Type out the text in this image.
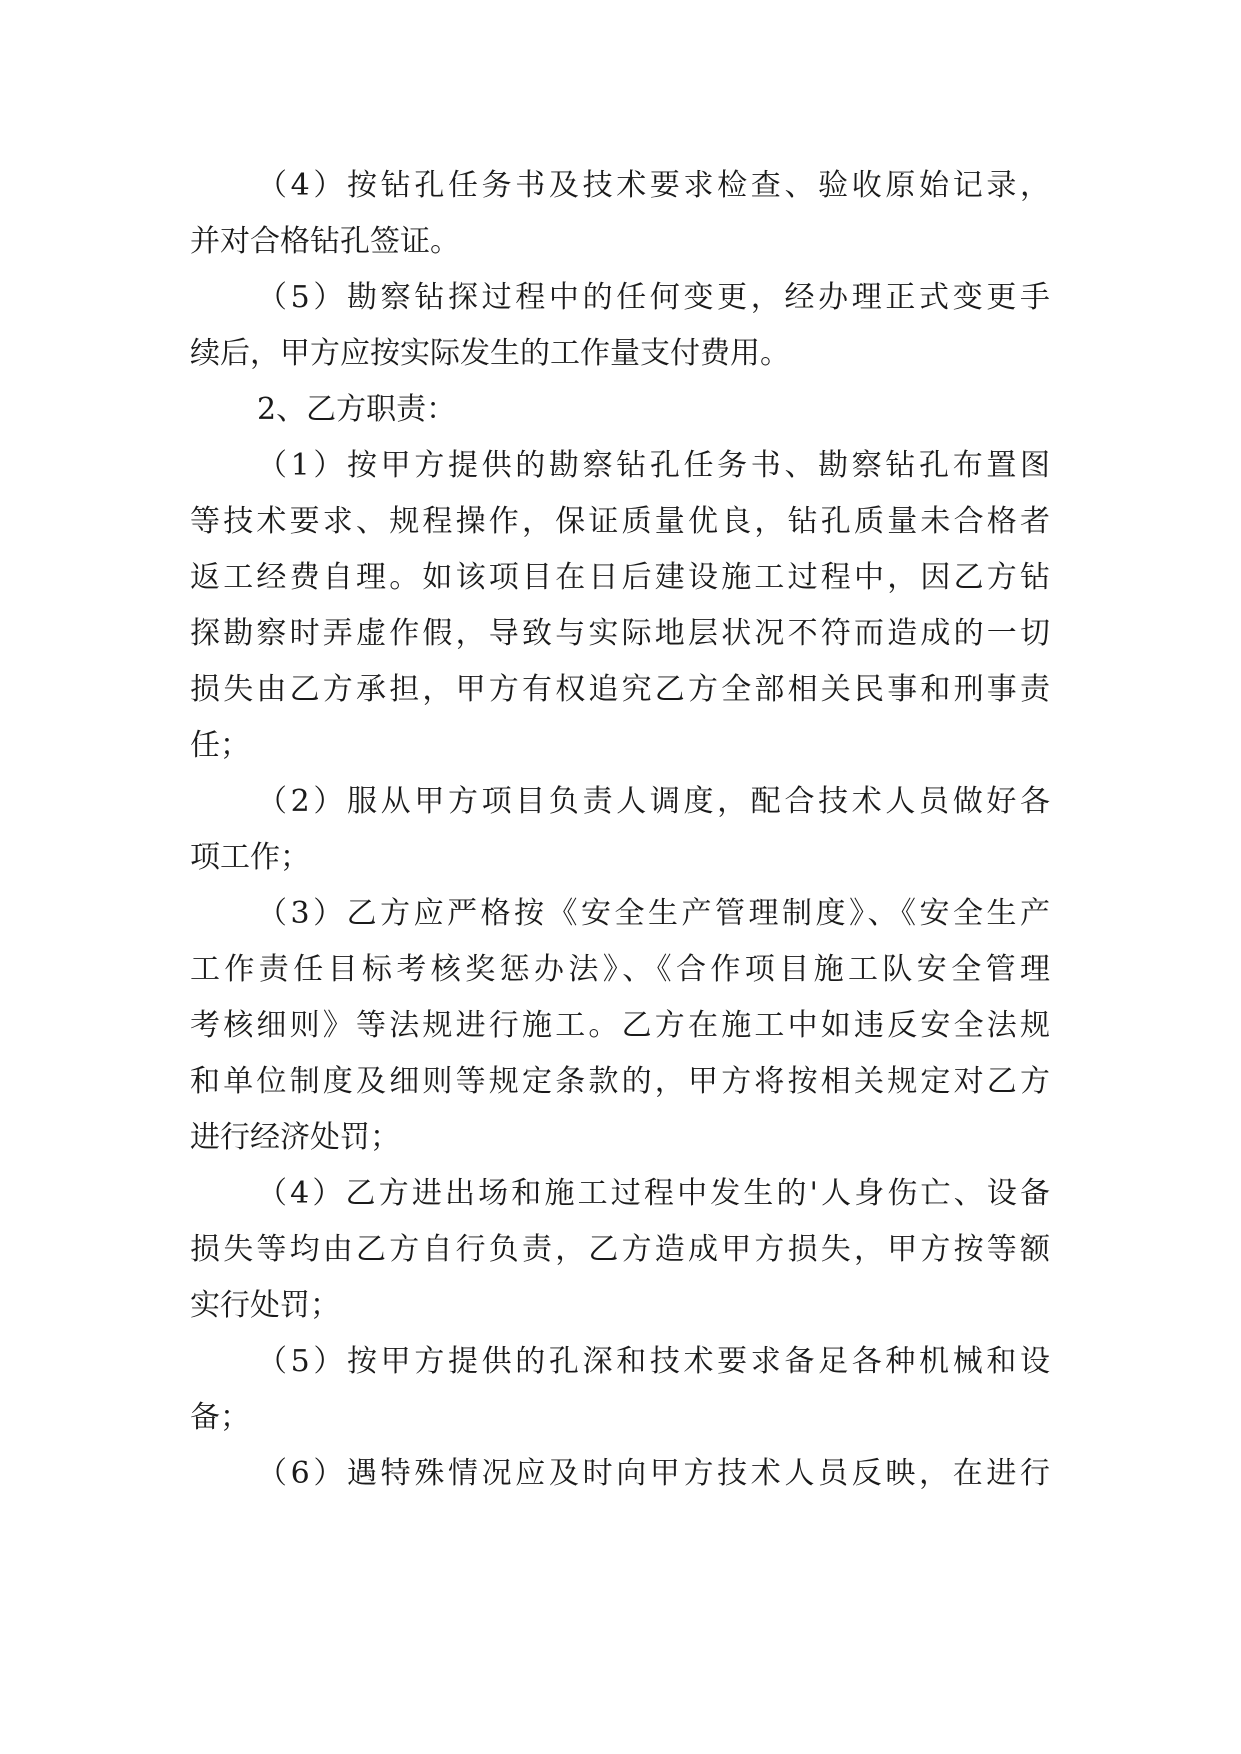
（4）按钻孔任务书及技术要求检查、验收原始记录，
并对合格钻孔签证。
（5）勘察钻探过程中的任何变更，经办理正式变更手
续后，甲方应按实际发生的工作量支付费用。
2、乙方职责：
（1）按甲方提供的勘察钻孔任务书、勘察钻孔布置图
等技术要求、规程操作，保证质量优良，钻孔质量未合格者
返工经费自理。如该项目在日后建设施工过程中，因乙方钻
探勘察时弄虚作假，导致与实际地层状况不符而造成的一切
损失由乙方承担，甲方有权追究乙方全部相关民事和刑事责
任；
（2）服从甲方项目负责人调度，配合技术人员做好各
项工作；
（3）乙方应严格按《安全生产管理制度》、《安全生产
工作责任目标考核奖惩办法》、《合作项目施工队安全管理
考核细则》等法规进行施工。乙方在施工中如违反安全法规
和单位制度及细则等规定条款的，甲方将按相关规定对乙方
进行经济处罚；
（4）乙方进出场和施工过程中发生的'人身伤亡、设备
损失等均由乙方自行负责，乙方造成甲方损失，甲方按等额
实行处罚；
（5）按甲方提供的孔深和技术要求备足各种机械和设
备；
（6）遇特殊情况应及时向甲方技术人员反映，在进行
